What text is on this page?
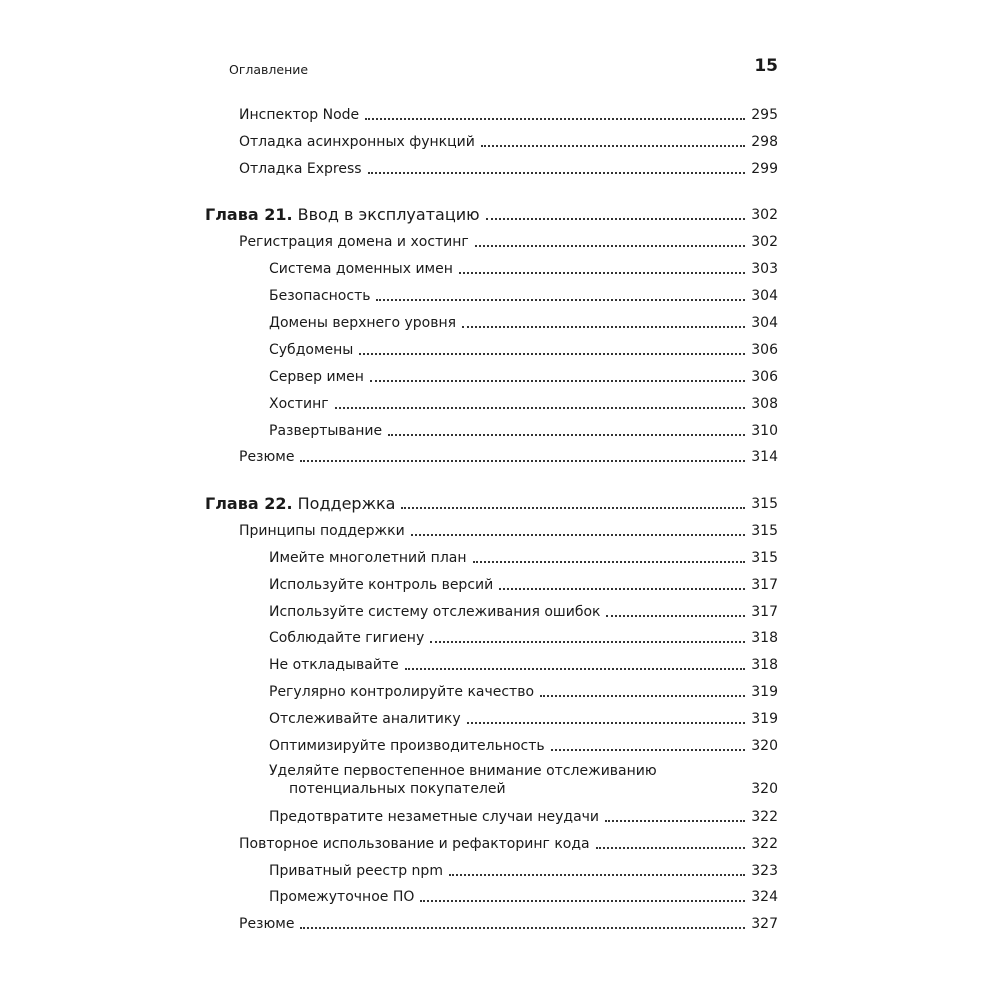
Оглавление	15
Инспектор Node	295
Отладка асинхронных функций	298
Отладка Express	299
Глава 21. Ввод в эксплуатацию	302
Регистрация домена и хостинг	302
Система доменных имен	303
Безопасность	304
Домены верхнего уровня	304
Субдомены	306
Сервер имен	306
Хостинг	308
Развертывание	310
Резюме	314
Глава 22. Поддержка	315
Принципы поддержки	315
Имейте многолетний план	315
Используйте контроль версий	317
Используйте систему отслеживания ошибок	317
Соблюдайте гигиену	318
Не откладывайте	318
Регулярно контролируйте качество	319
Отслеживайте аналитику	319
Оптимизируйте производительность	320
Уделяйте первостепенное внимание отслеживанию
потенциальных покупателей	320
Предотвратите незаметные случаи неудачи	322
Повторное использование и рефакторинг кода	322
Приватный реестр npm	323
Промежуточное ПО	324
Резюме	327
